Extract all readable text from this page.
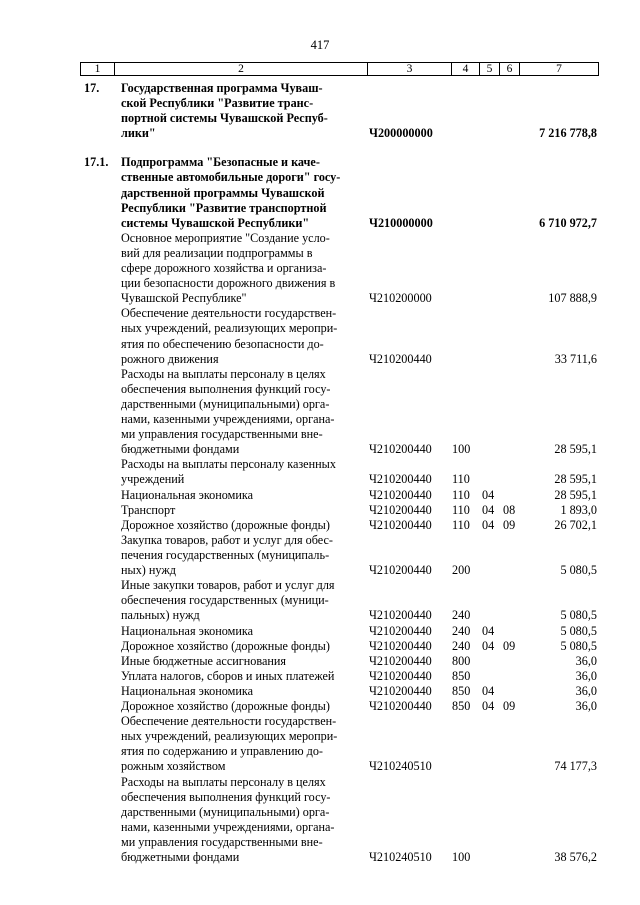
417
1	2	3	4	5	6	7
17.	Государственная программа Чуваш-
ской Республики "Развитие транс-
портной системы Чувашской Респуб-
лики"	Ч200000000	7 216 778,8
17.1.	Подпрограмма "Безопасные и каче-
ственные автомобильные дороги" госу-
дарственной программы Чувашской
Республики "Развитие транспортной
системы Чувашской Республики"	Ч210000000	6 710 972,7
Основное мероприятие "Создание усло-
вий для реализации подпрограммы в
сфере дорожного хозяйства и организа-
ции безопасности дорожного движения в
Чувашской Республике"	Ч210200000	107 888,9
Обеспечение деятельности государствен-
ных учреждений, реализующих меропри-
ятия по обеспечению безопасности до-
рожного движения	Ч210200440	33 711,6
Расходы на выплаты персоналу в целях
обеспечения выполнения функций госу-
дарственными (муниципальными) орга-
нами, казенными учреждениями, органа-
ми управления государственными вне-
бюджетными фондами	Ч210200440 100	28 595,1
Расходы на выплаты персоналу казенных
учреждений	Ч210200440 110	28 595,1
Национальная экономика	Ч210200440 110 04	28 595,1
Транспорт	Ч210200440 110 04 08	1 893,0
Дорожное хозяйство (дорожные фонды)	Ч210200440 110 04 09	26 702,1
Закупка товаров, работ и услуг для обес-
печения государственных (муниципаль-
ных) нужд	Ч210200440 200	5 080,5
Иные закупки товаров, работ и услуг для
обеспечения государственных (муници-
пальных) нужд	Ч210200440 240	5 080,5
Национальная экономика	Ч210200440 240 04	5 080,5
Дорожное хозяйство (дорожные фонды)	Ч210200440 240 04 09	5 080,5
Иные бюджетные ассигнования	Ч210200440 800	36,0
Уплата налогов, сборов и иных платежей	Ч210200440 850	36,0
Национальная экономика	Ч210200440 850 04	36,0
Дорожное хозяйство (дорожные фонды)	Ч210200440 850 04 09	36,0
Обеспечение деятельности государствен-
ных учреждений, реализующих меропри-
ятия по содержанию и управлению до-
рожным хозяйством	Ч210240510	74 177,3
Расходы на выплаты персоналу в целях
обеспечения выполнения функций госу-
дарственными (муниципальными) орга-
нами, казенными учреждениями, органа-
ми управления государственными вне-
бюджетными фондами	Ч210240510 100	38 576,2
